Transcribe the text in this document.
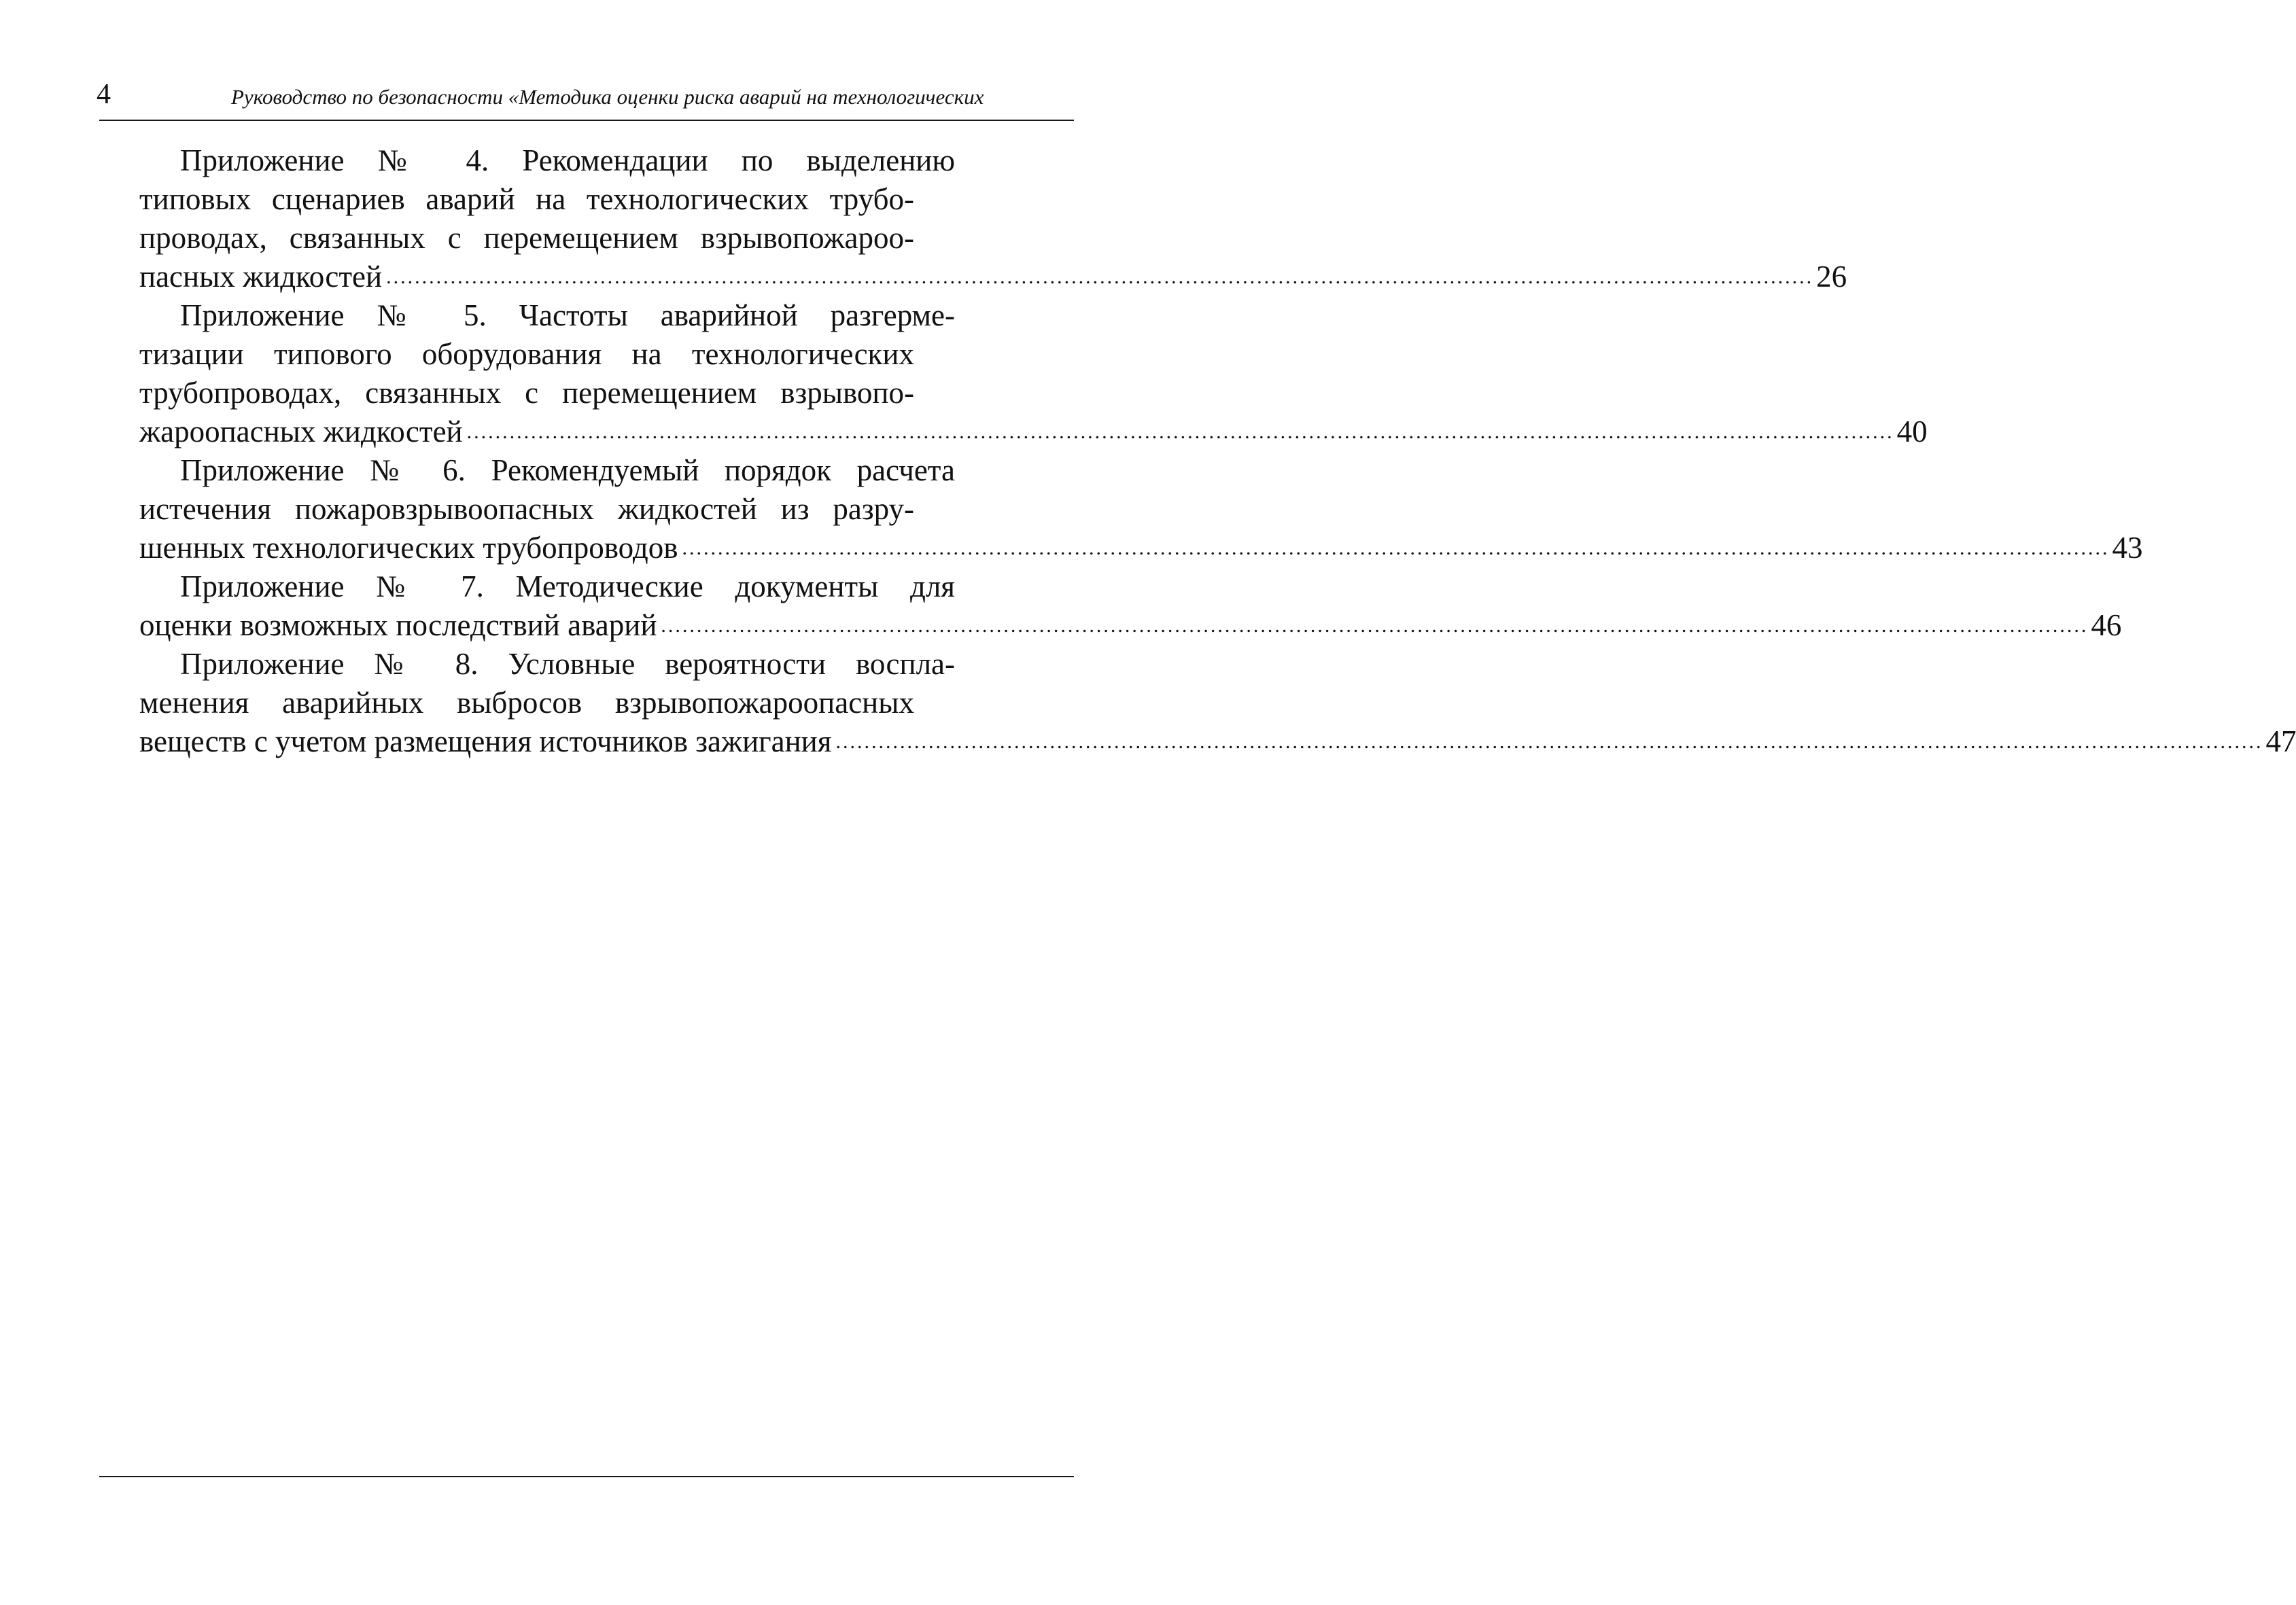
4	Руководство по безопасности «Методика оценки риска аварий на технологических
Приложение № 4. Рекомендации по выделению
типовых сценариев аварий на технологических трубо-
проводах, связанных с перемещением взрывопожароо-
пасных жидкостей ........................................................................................................................................................................................................ 26
Приложение № 5. Частоты аварийной разгерме-
тизации типового оборудования на технологических
трубопроводах, связанных с перемещением взрывопо-
жароопасных жидкостей ........................................................................................................................................................................................................ 40
Приложение № 6. Рекомендуемый порядок расчета
истечения пожаровзрывоопасных жидкостей из разру-
шенных технологических трубопроводов ........................................................................................................................................................................................................ 43
Приложение № 7. Методические документы для
оценки возможных последствий аварий ........................................................................................................................................................................................................ 46
Приложение № 8. Условные вероятности воспла-
менения аварийных выбросов взрывопожароопасных
веществ с учетом размещения источников зажигания ........................................................................................................................................................................................................ 47
